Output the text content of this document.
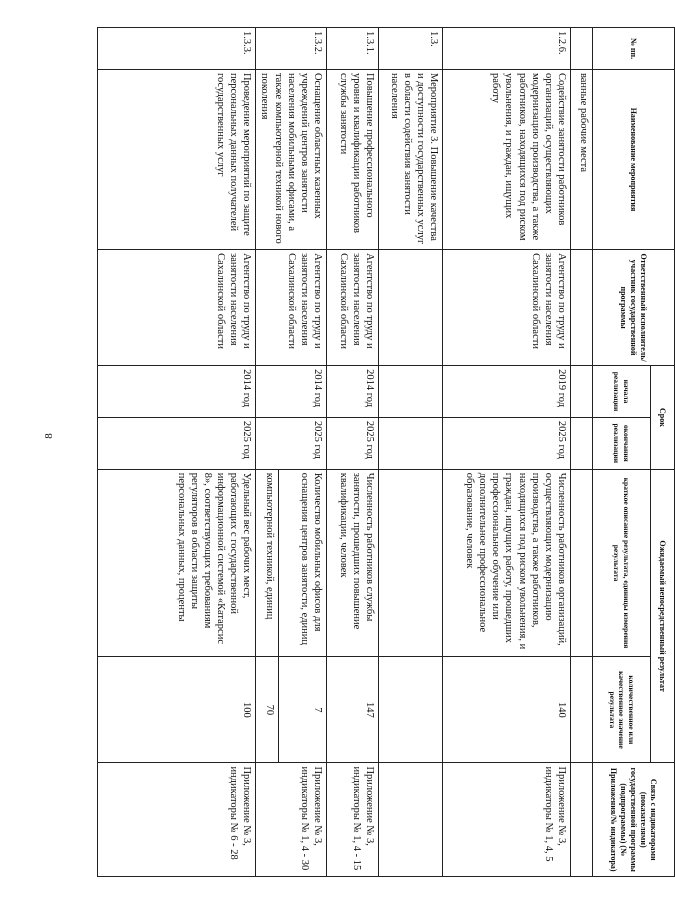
8
№ пп.	Наименование мероприятия	Ответственный исполнитель/участник государственной программы	Срок		Ожидаемый непосредственный результат		Связь с индикаторами (показателями) государственной программы (подпрограммы) (№ Приложения/№ индикатора)
			начала реализации	окончания реализации	краткое описание результата, единицы измерения результата	количественное или качественное значение результата	
	ванные рабочие места						
1.2.6.	Содействие занятости работников организаций, осуществляющих модернизацию производства, а также работников, находящихся под риском увольнения, и граждан, ищущих работу	Агентство по труду и занятости населения Сахалинской области	2019 год	2025 год	Численность работников организаций, осуществляющих модернизацию производства, а также работников, находящихся под риском увольнения, и граждан, ищущих работу, прошедших профессиональное обучение или дополнительное профессиональное образование, человек	140	Приложение № 3, индикаторы № 1, 4, 5
1.3.	Мероприятие 3. Повышение качества и доступности государственных услуг в области содействия занятости населения						
1.3.1.	Повышение профессионального уровня и квалификации работников службы занятости	Агентство по труду и занятости населения Сахалинской области	2014 год	2025 год	Численность работников службы занятости, прошедших повышение квалификации, человек	147	Приложение № 3, индикаторы № 1, 4 - 15
1.3.2.	Оснащение областных казенных учреждений центров занятости населения мобильными офисами, а также компьютерной техникой нового поколения	Агентство по труду и занятости населения Сахалинской области	2014 год	2025 год	Количество мобильных офисов для оснащения центров занятости, единиц	7	Приложение № 3, индикаторы № 1, 4 - 30
					компьютерной техникой, единиц	70	
1.3.3.	Проведение мероприятий по защите персональных данных получателей государственных услуг	Агентство по труду и занятости населения Сахалинской области	2014 год	2025 год	Удельный вес рабочих мест, работающих с государственной информационной системой «Катарсис 8», соответствующих требованиям регуляторов в области защиты персональных данных, проценты	100	Приложение № 3, индикаторы № 6 - 28
